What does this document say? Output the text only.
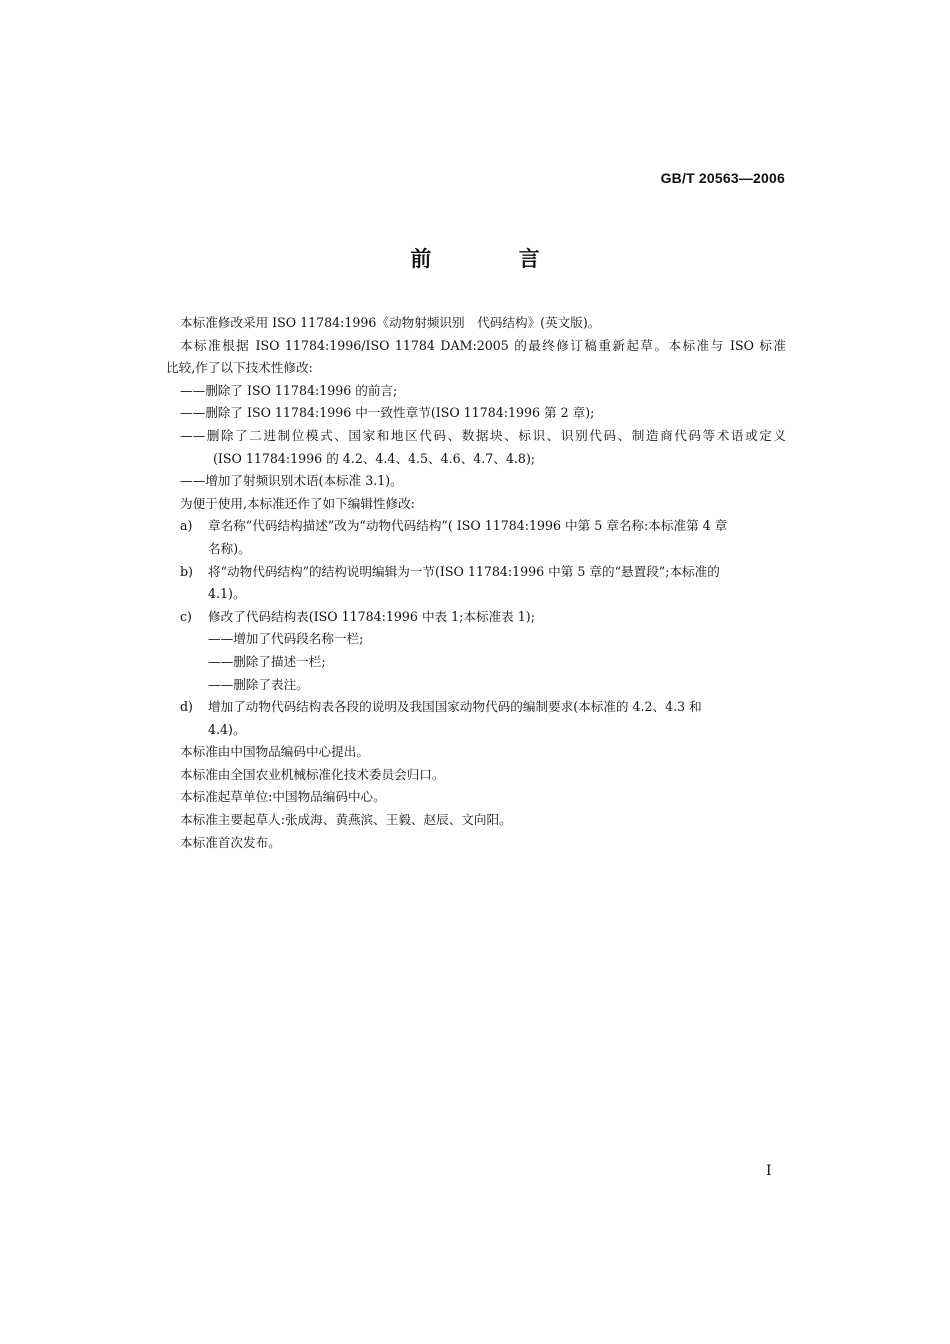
GB/T 20563—2006
前 言
本标准修改采用 ISO 11784:1996《动物射频识别　代码结构》(英文版)。
本标准根据 ISO 11784:1996/ISO 11784 DAM:2005 的最终修订稿重新起草。本标准与 ISO 标准
比较,作了以下技术性修改:
——删除了 ISO 11784:1996 的前言;
——删除了 ISO 11784:1996 中一致性章节(ISO 11784:1996 第 2 章);
——删除了二进制位模式、国家和地区代码、数据块、标识、识别代码、制造商代码等术语或定义
(ISO 11784:1996 的 4.2、4.4、4.5、4.6、4.7、4.8);
——增加了射频识别术语(本标准 3.1)。
为便于使用,本标准还作了如下编辑性修改:
a) 章名称“代码结构描述”改为“动物代码结构”( ISO 11784:1996 中第 5 章名称:本标准第 4 章
名称)。
b) 将“动物代码结构”的结构说明编辑为一节(ISO 11784:1996 中第 5 章的“悬置段”;本标准的
4.1)。
c) 修改了代码结构表(ISO 11784:1996 中表 1;本标准表 1);
——增加了代码段名称一栏;
——删除了描述一栏;
——删除了表注。
d) 增加了动物代码结构表各段的说明及我国国家动物代码的编制要求(本标准的 4.2、4.3 和
4.4)。
本标准由中国物品编码中心提出。
本标准由全国农业机械标准化技术委员会归口。
本标准起草单位:中国物品编码中心。
本标准主要起草人:张成海、黄燕滨、王毅、赵辰、文向阳。
本标准首次发布。
I
